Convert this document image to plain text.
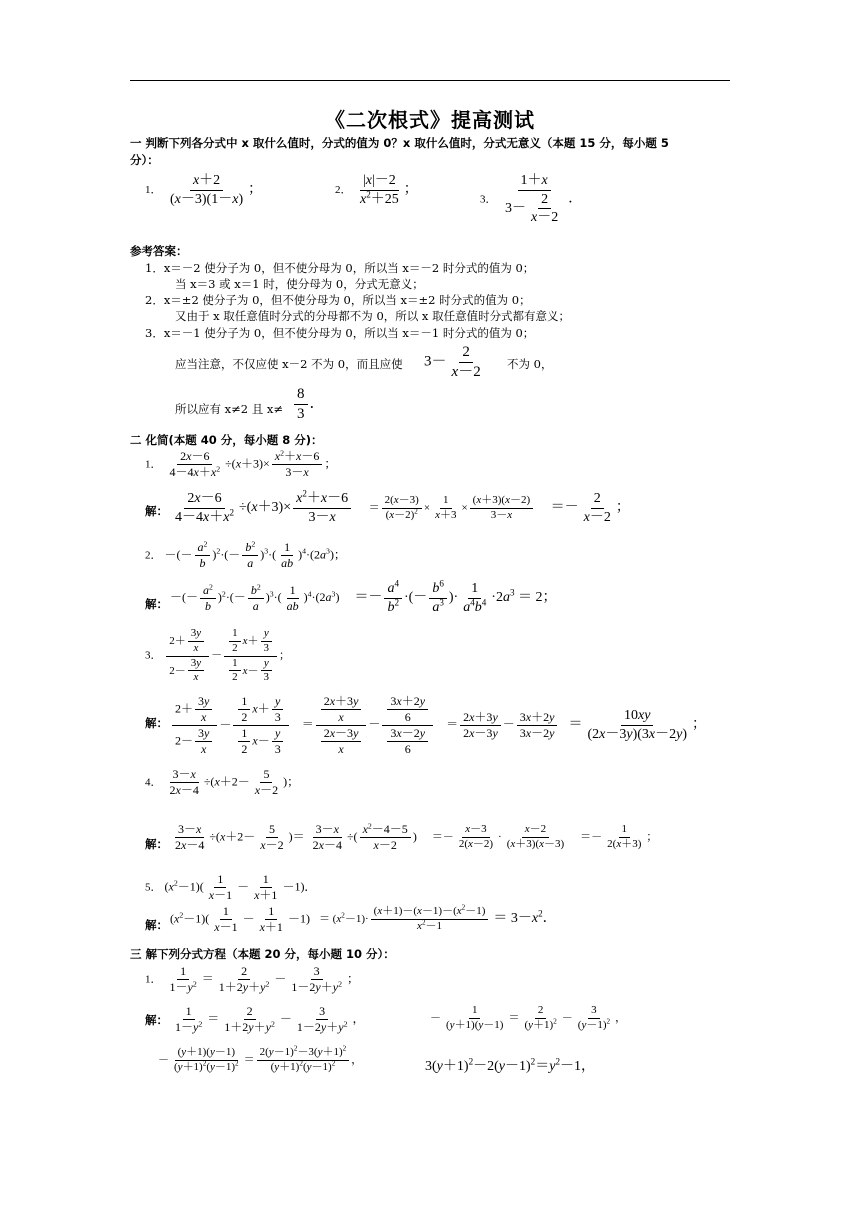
《二次根式》提高测试
一 判断下列各分式中 x 取什么值时，分式的值为 0？x 取什么值时，分式无意义（本题 15 分，每小题 5
分）：
1． $\frac{x+2}{(x-3)(1-x)}$ ；	2． $\frac{|x|-2}{x^2+25}$ ；
3． $\frac{1+x}{3- \frac{2}{x-2}}$ ．
参考答案：
1．x＝－2 使分子为 0，但不使分母为 0，所以当 x＝－2 时分式的值为 0；
当 x＝3 或 x＝1 时，使分母为 0，分式无意义；
2．x＝±2 使分子为 0，但不使分母为 0，所以当 x＝±2 时分式的值为 0；
又由于 x 取任意值时分式的分母都不为 0，所以 x 取任意值时分式都有意义；
3．x＝－1 使分子为 0，但不使分母为 0，所以当 x＝－1 时分式的值为 0；
应当注意，不仅应使 x－2 不为 0，而且应使 $3- \frac{2}{x-2}$ 不为 0，
所以应有 x≠2 且 $x\ne \frac{8}{3}$ ．
二 化简(本题 40 分，每小题 8 分)：
1． $\frac{2x-6}{4-4x+x^2} \div(x+3)\times \frac{x^2+x-6}{3-x}$ ；
解： $\frac{2x-6}{4-4x+x^2} \div(x+3)\times \frac{x^2+x-6}{3-x} = \frac{2(x-3)}{(x-2)^2} \times \frac{1}{x+3} \times \frac{(x+3)(x-2)}{3-x} =- \frac{2}{x-2}$ ；
2． －(－ $\frac{a^2}{b} )^2\cdot(- \frac{b^2}{a} )^3\cdot( \frac{1}{ab} )^4\cdot(2a^3)$；
解： －(－ $\frac{a^2}{b} )^2\cdot(- \frac{b^2}{a} )^3\cdot( \frac{1}{ab} )^4\cdot(2a^3) =- \frac{a^4}{b^2}$ ·(－ $\frac{b^6}{a^3}$ )· $\frac{1}{a^4b^4} \cdot 2a^3 = 2$；
3． $\frac{2+ \frac{3y}{x}}{2- \frac{3y}{x}} - \frac{\frac{1}{2} x+ \frac{y}{3}}{\frac{1}{2} x- \frac{y}{3}}$ ；
解： $\frac{2+ \frac{3y}{x}}{2- \frac{3y}{x}} - \frac{\frac{1}{2} x+ \frac{y}{3}}{\frac{1}{2} x- \frac{y}{3}} = \frac{\frac{2x+3y}{x}}{\frac{2x-3y}{x}} - \frac{\frac{3x+2y}{6}}{\frac{3x-2y}{6}} = \frac{2x+3y}{2x-3y} - \frac{3x+2y}{3x-2y} = \frac{10xy}{(2x-3y)(3x-2y)}$ ；
4． $\frac{3-x}{2x-4} \div(x+2- \frac{5}{x-2}$ )；
解： $\frac{3-x}{2x-4} \div(x+2- \frac{5}{x-2}$ )＝ $\frac{3-x}{2x-4}$ ÷( $\frac{x^2-4-5}{x-2}$ ) ＝－ $\frac{x-3}{2(x-2)} \cdot \frac{x-2}{(x+3)(x-3)} =- \frac{1}{2(x+3)}$ ；
5． $(x^2-1)( \frac{1}{x-1} - \frac{1}{x+1} -1)$．
解： $(x^2-1)( \frac{1}{x-1} - \frac{1}{x+1} -1) = (x^2-1)\cdot \frac{(x+1)-(x-1)-(x^2-1)}{x^2-1} = 3-x^2$．
三 解下列分式方程（本题 20 分，每小题 10 分）：
1． $\frac{1}{1-y^2} = \frac{2}{1+2y+y^2} - \frac{3}{1-2y+y^2}$ ；
解： $\frac{1}{1-y^2} = \frac{2}{1+2y+y^2} - \frac{3}{1-2y+y^2}$ ，	－ $\frac{1}{(y+1)(y-1)} = \frac{2}{(y+1)^2} - \frac{3}{(y-1)^2}$ ，
－ $\frac{(y+1)(y-1)}{(y+1)^2(y-1)^2} = \frac{2(y-1)^2-3(y+1)^2}{(y+1)^2(y-1)^2}$ ，	$3(y+1)^2-2(y-1)^2=y^2-1$，
